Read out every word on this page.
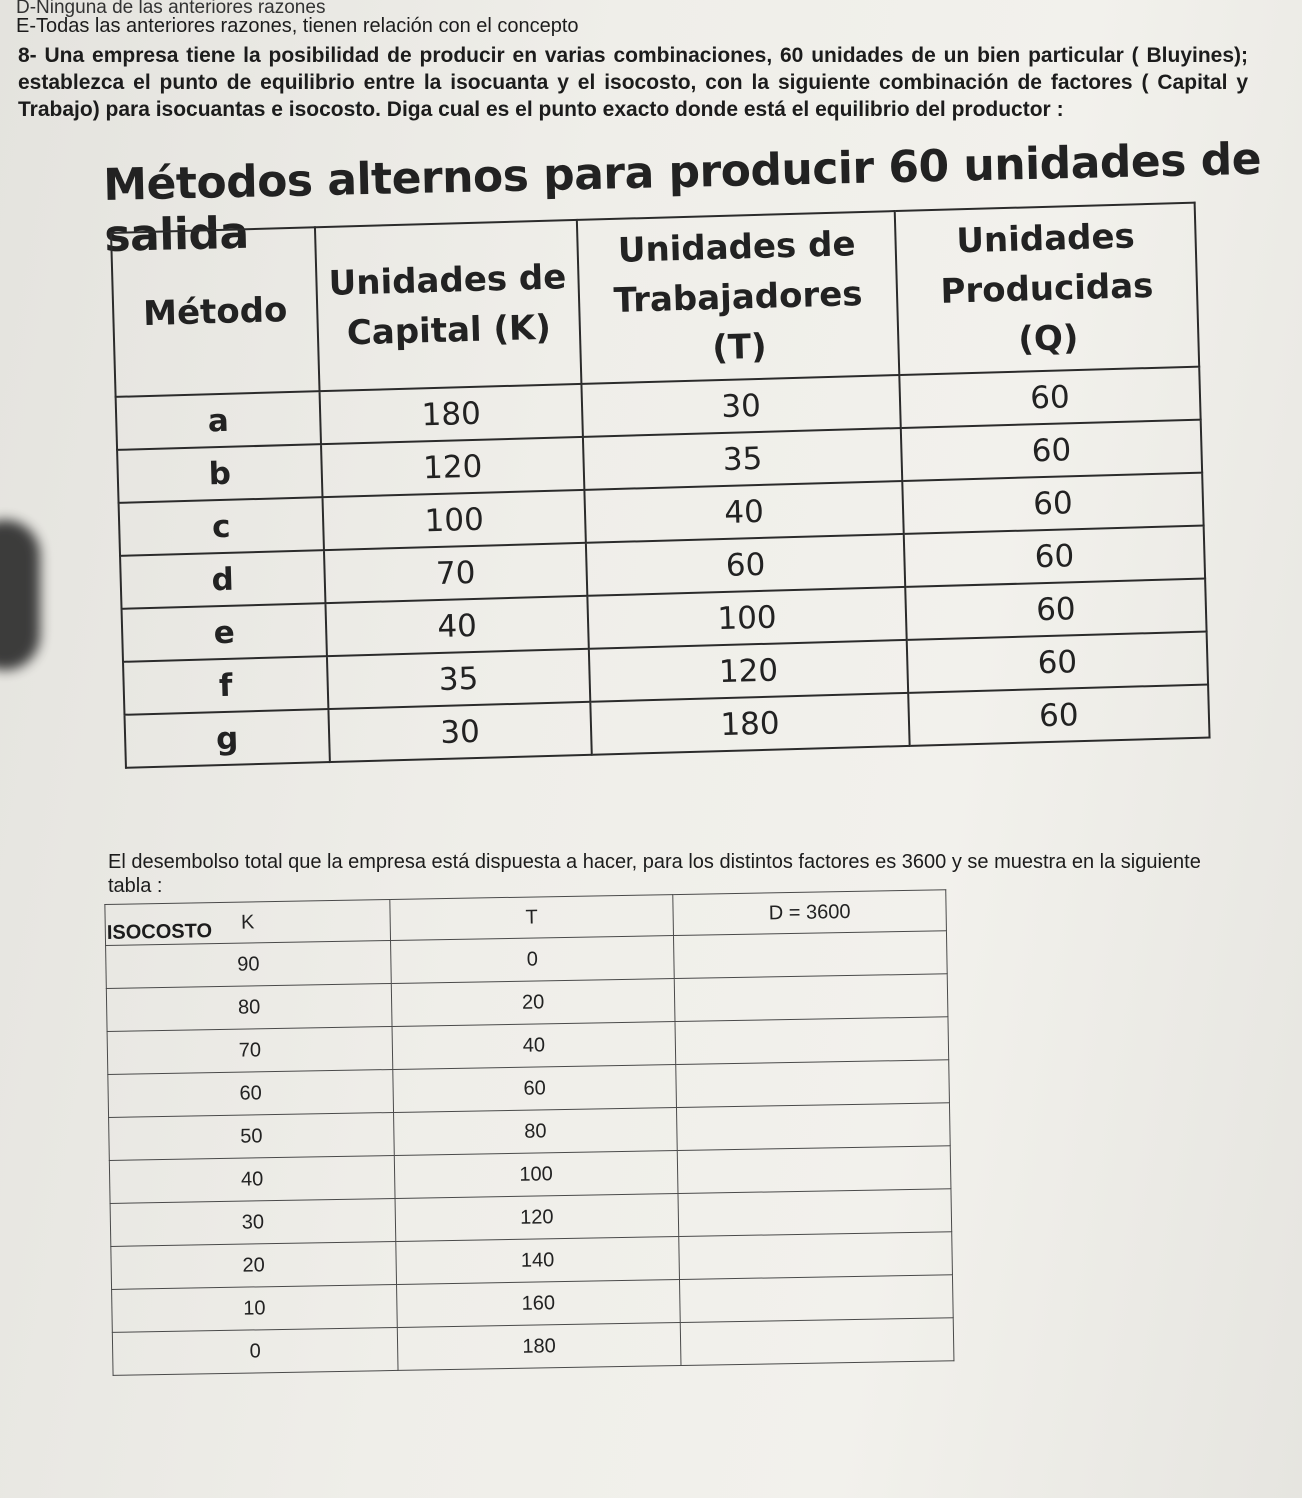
D-Ninguna de las anteriores razones
E-Todas las anteriores razones, tienen relación con el concepto
8- Una empresa tiene la posibilidad de producir en varias combinaciones, 60 unidades de un bien particular ( Bluyines); establezca el punto de equilibrio entre la isocuanta y el isocosto, con la siguiente combinación de factores ( Capital y Trabajo) para isocuantas e isocosto. Diga cual es el punto exacto donde está el equilibrio del productor :
Métodos alternos para producir 60 unidades de salida
Método	Unidades de Capital (K)	Unidades de Trabajadores (T)	Unidades Producidas (Q)
a	180	30	60
b	120	35	60
c	100	40	60
d	70	60	60
e	40	100	60
f	35	120	60
g	30	180	60
El desembolso total que la empresa está dispuesta a hacer, para los distintos factores es 3600 y se muestra en la siguiente
tabla :
ISOCOSTO K	T	D = 3600
90	0	
80	20	
70	40	
60	60	
50	80	
40	100	
30	120	
20	140	
10	160	
0	180	
